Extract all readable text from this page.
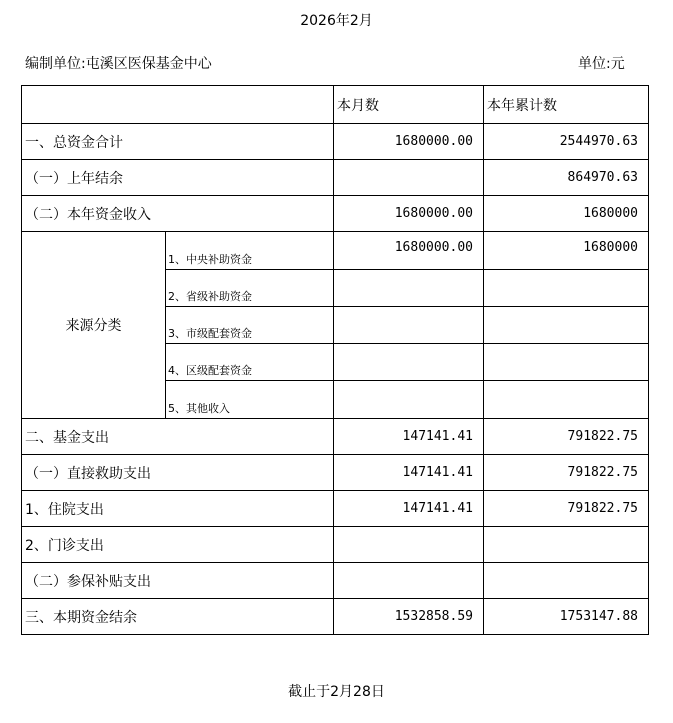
2026年2月
编制单位:屯溪区医保基金中心	单位:元
		本月数	本年累计数
一、总资金合计		1680000.00	2544970.63
（一）上年结余			864970.63
（二）本年资金收入		1680000.00	1680000
来源分类	1、中央补助资金	1680000.00	1680000
	2、省级补助资金		
	3、市级配套资金		
	4、区级配套资金		
	5、其他收入		
二、基金支出		147141.41	791822.75
（一）直接救助支出		147141.41	791822.75
1、住院支出		147141.41	791822.75
2、门诊支出			
（二）参保补贴支出			
三、本期资金结余		1532858.59	1753147.88
截止于2月28日
